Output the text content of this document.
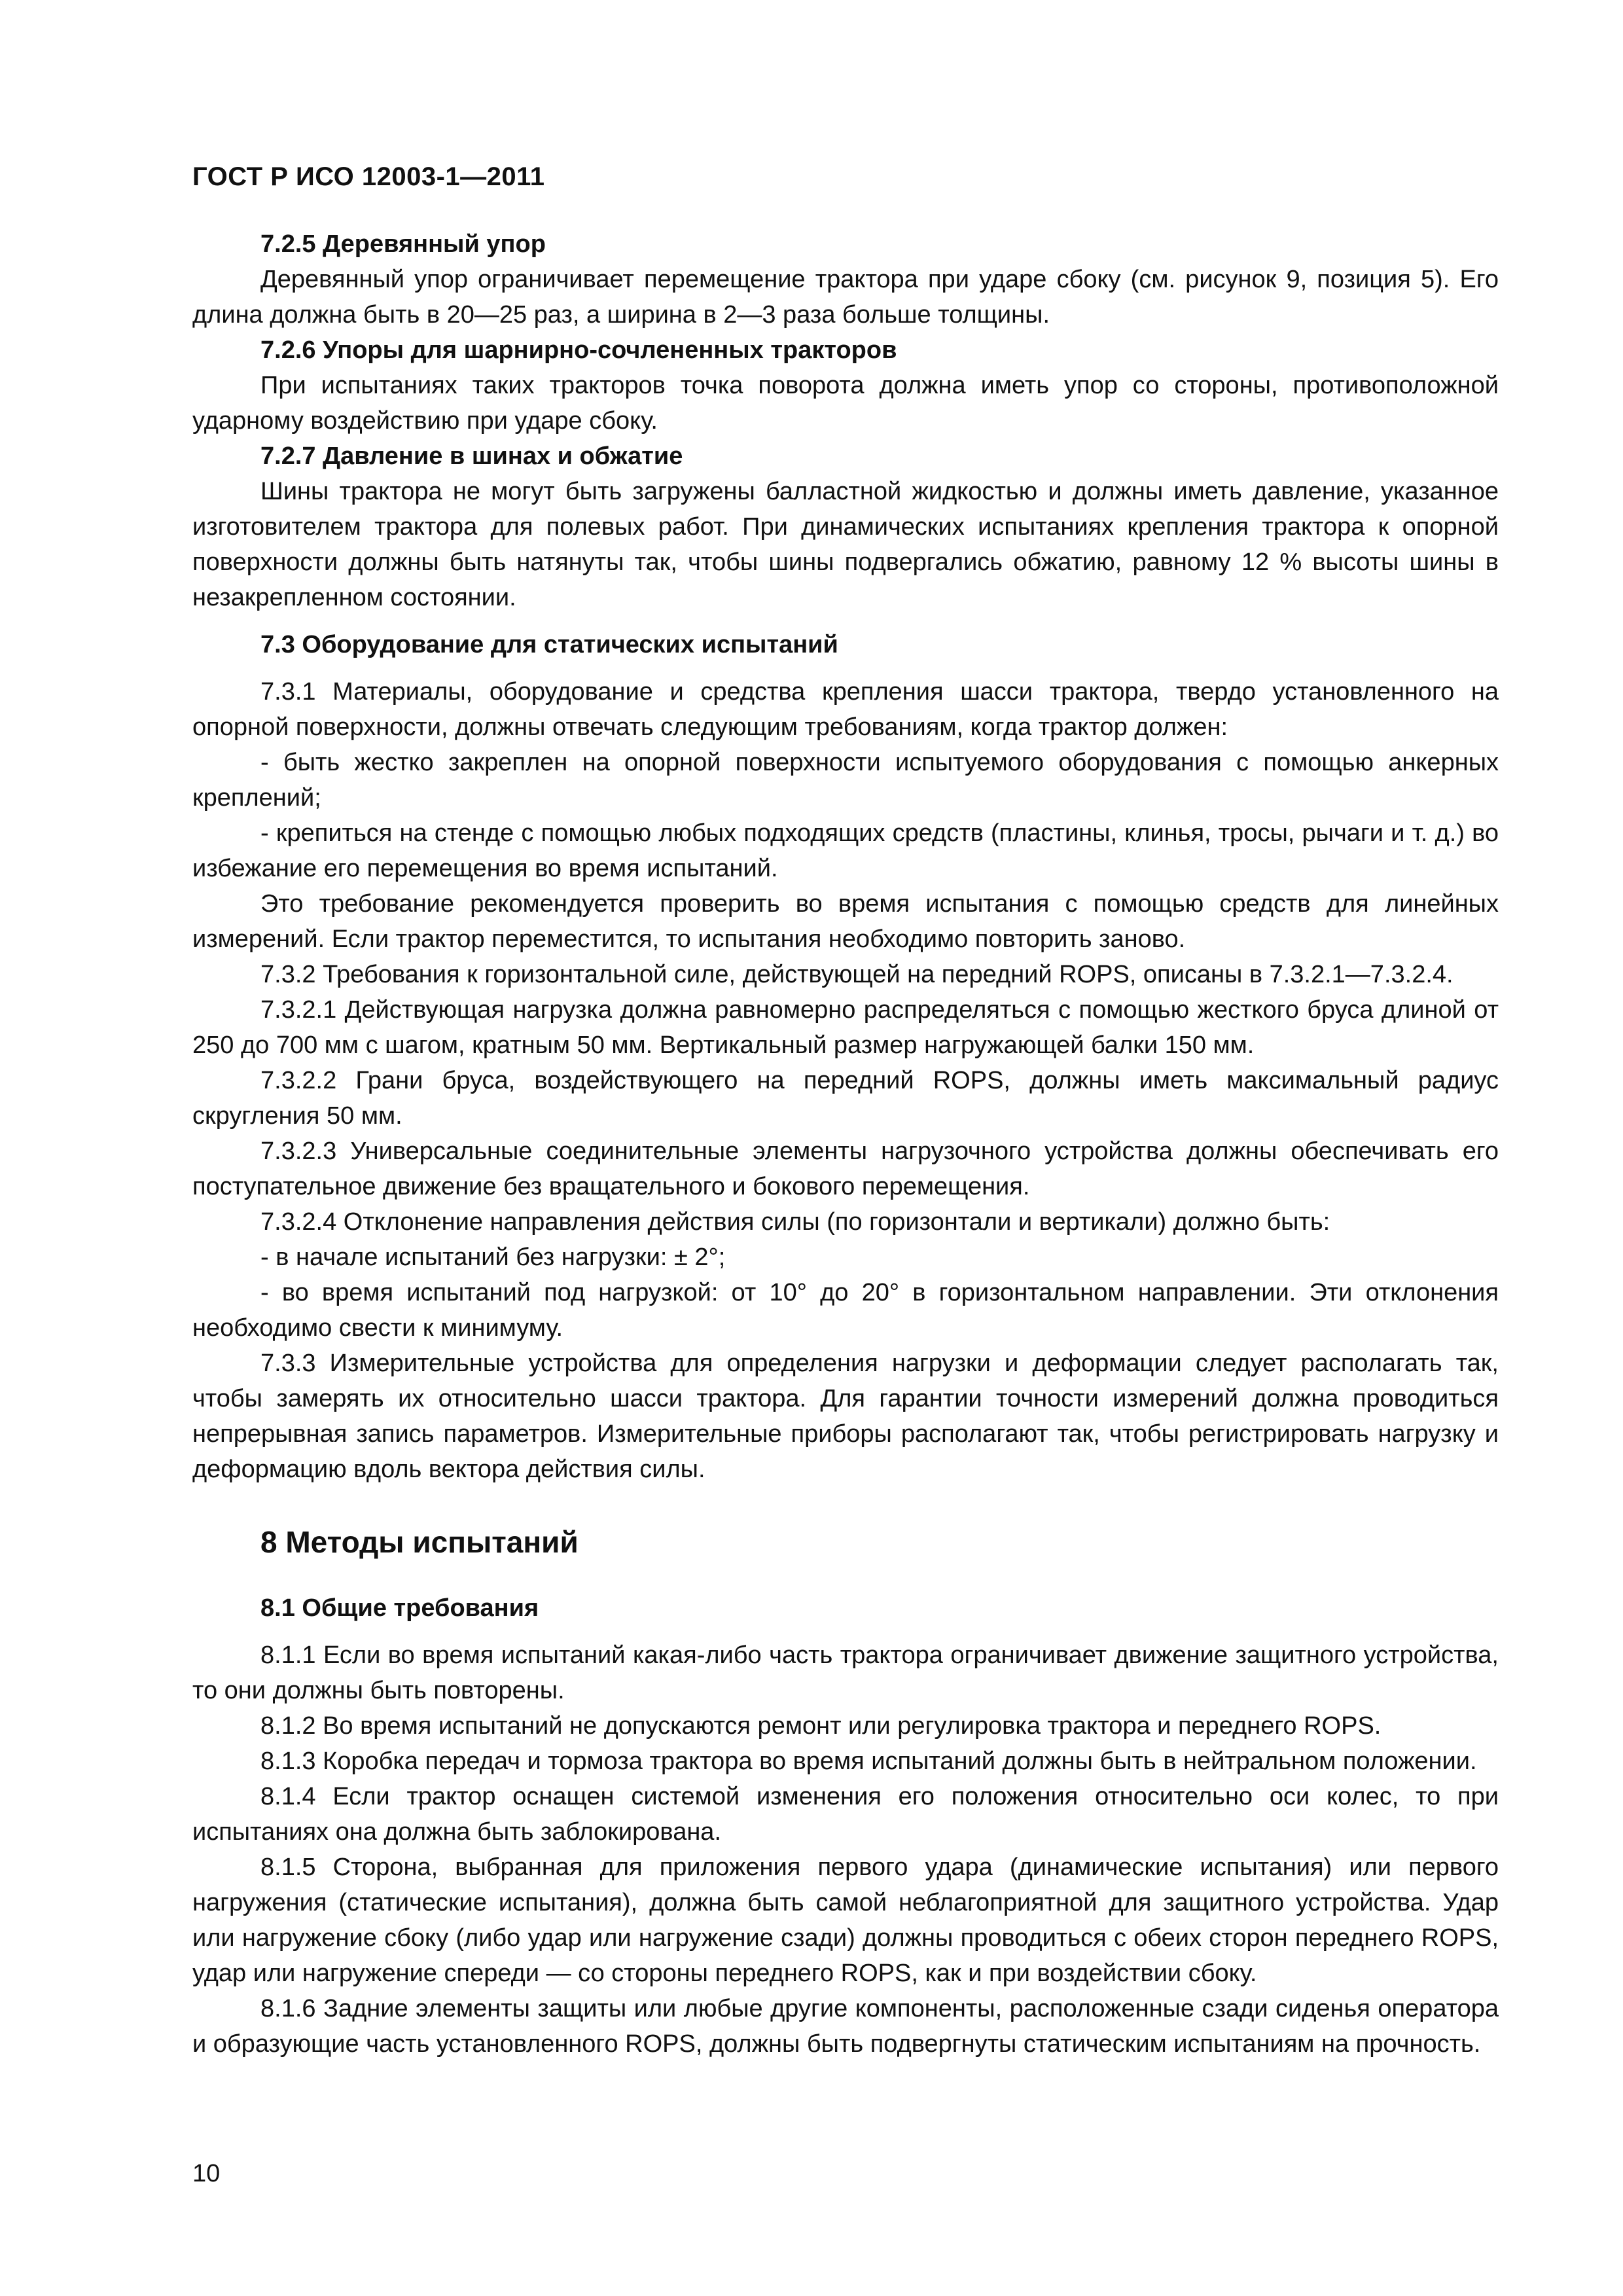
ГОСТ Р ИСО 12003-1—2011
7.2.5 Деревянный упор
Деревянный упор ограничивает перемещение трактора при ударе сбоку (см. рисунок 9, позиция 5). Его длина должна быть в 20—25 раз, а ширина в 2—3 раза больше толщины.
7.2.6 Упоры для шарнирно-сочлененных тракторов
При испытаниях таких тракторов точка поворота должна иметь упор со стороны, противоположной ударному воздействию при ударе сбоку.
7.2.7 Давление в шинах и обжатие
Шины трактора не могут быть загружены балластной жидкостью и должны иметь давление, указанное изготовителем трактора для полевых работ. При динамических испытаниях крепления трактора к опорной поверхности должны быть натянуты так, чтобы шины подвергались обжатию, равному 12 % высоты шины в незакрепленном состоянии.
7.3 Оборудование для статических испытаний
7.3.1 Материалы, оборудование и средства крепления шасси трактора, твердо установленного на опорной поверхности, должны отвечать следующим требованиям, когда трактор должен:
- быть жестко закреплен на опорной поверхности испытуемого оборудования с помощью анкерных креплений;
- крепиться на стенде с помощью любых подходящих средств (пластины, клинья, тросы, рычаги и т. д.) во избежание его перемещения во время испытаний.
Это требование рекомендуется проверить во время испытания с помощью средств для линейных измерений. Если трактор переместится, то испытания необходимо повторить заново.
7.3.2 Требования к горизонтальной силе, действующей на передний ROPS, описаны в 7.3.2.1—7.3.2.4.
7.3.2.1 Действующая нагрузка должна равномерно распределяться с помощью жесткого бруса длиной от 250 до 700 мм с шагом, кратным 50 мм. Вертикальный размер нагружающей балки 150 мм.
7.3.2.2 Грани бруса, воздействующего на передний ROPS, должны иметь максимальный радиус скругления 50 мм.
7.3.2.3 Универсальные соединительные элементы нагрузочного устройства должны обеспечивать его поступательное движение без вращательного и бокового перемещения.
7.3.2.4 Отклонение направления действия силы (по горизонтали и вертикали) должно быть:
- в начале испытаний без нагрузки: ± 2°;
- во время испытаний под нагрузкой: от 10° до 20° в горизонтальном направлении. Эти отклонения необходимо свести к минимуму.
7.3.3 Измерительные устройства для определения нагрузки и деформации следует располагать так, чтобы замерять их относительно шасси трактора. Для гарантии точности измерений должна проводиться непрерывная запись параметров. Измерительные приборы располагают так, чтобы регистрировать нагрузку и деформацию вдоль вектора действия силы.
8 Методы испытаний
8.1 Общие требования
8.1.1 Если во время испытаний какая-либо часть трактора ограничивает движение защитного устройства, то они должны быть повторены.
8.1.2 Во время испытаний не допускаются ремонт или регулировка трактора и переднего ROPS.
8.1.3 Коробка передач и тормоза трактора во время испытаний должны быть в нейтральном положении.
8.1.4 Если трактор оснащен системой изменения его положения относительно оси колес, то при испытаниях она должна быть заблокирована.
8.1.5 Сторона, выбранная для приложения первого удара (динамические испытания) или первого нагружения (статические испытания), должна быть самой неблагоприятной для защитного устройства. Удар или нагружение сбоку (либо удар или нагружение сзади) должны проводиться с обеих сторон переднего ROPS, удар или нагружение спереди — со стороны переднего ROPS, как и при воздействии сбоку.
8.1.6 Задние элементы защиты или любые другие компоненты, расположенные сзади сиденья оператора и образующие часть установленного ROPS, должны быть подвергнуты статическим испытаниям на прочность.
10
